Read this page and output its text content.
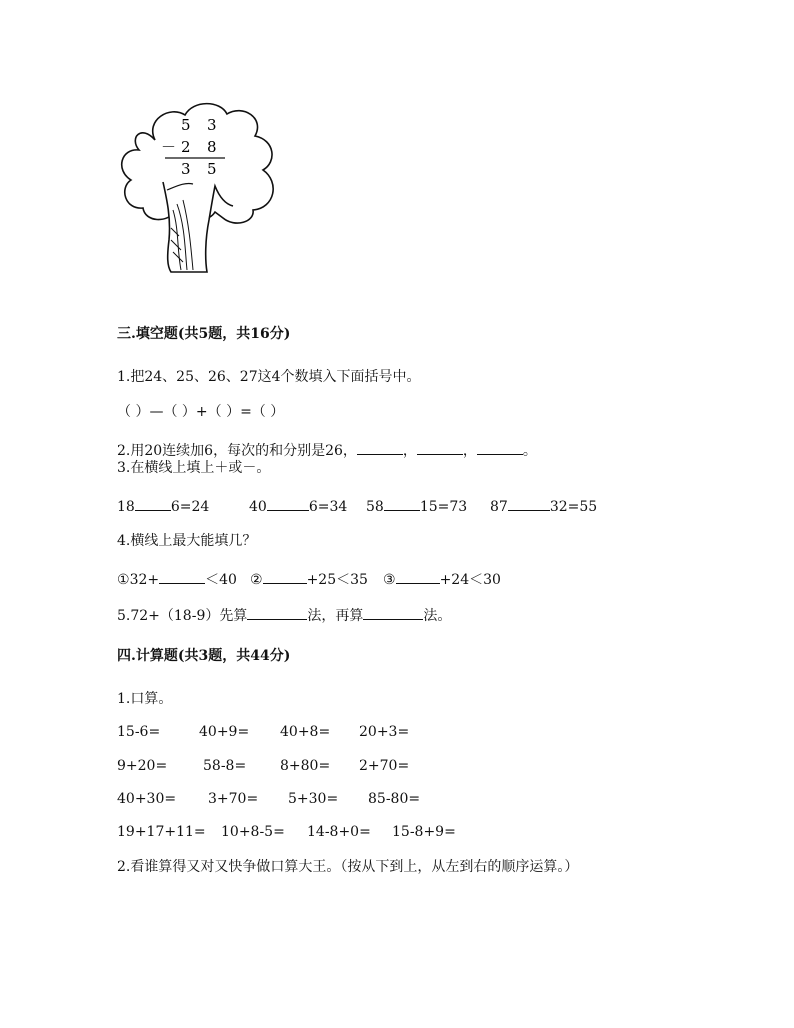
5 3
－ 2 8
3 5
三.填空题(共5题，共16分)
1.把24、25、26、27这4个数填入下面括号中。
（ ）—（ ）+（ ）=（ ）
2.用20连续加6，每次的和分别是26，	，	，	。
3.在横线上填上＋或－。
18	6=24	40	6=34 58	15=73 87	32=55
4.横线上最大能填几？
①32+	＜40 ②	+25＜35 ③	+24＜30
5.72+（18-9）先算	法，再算	法。
四.计算题(共3题，共44分)
1.口算。
15-6=	40+9= 40+8= 20+3=
9+20=	58-8= 8+80= 2+70=
40+30= 3+70= 5+30= 85-80=
19+17+11= 10+8-5= 14-8+0= 15-8+9=
2.看谁算得又对又快争做口算大王。（按从下到上，从左到右的顺序运算。）
